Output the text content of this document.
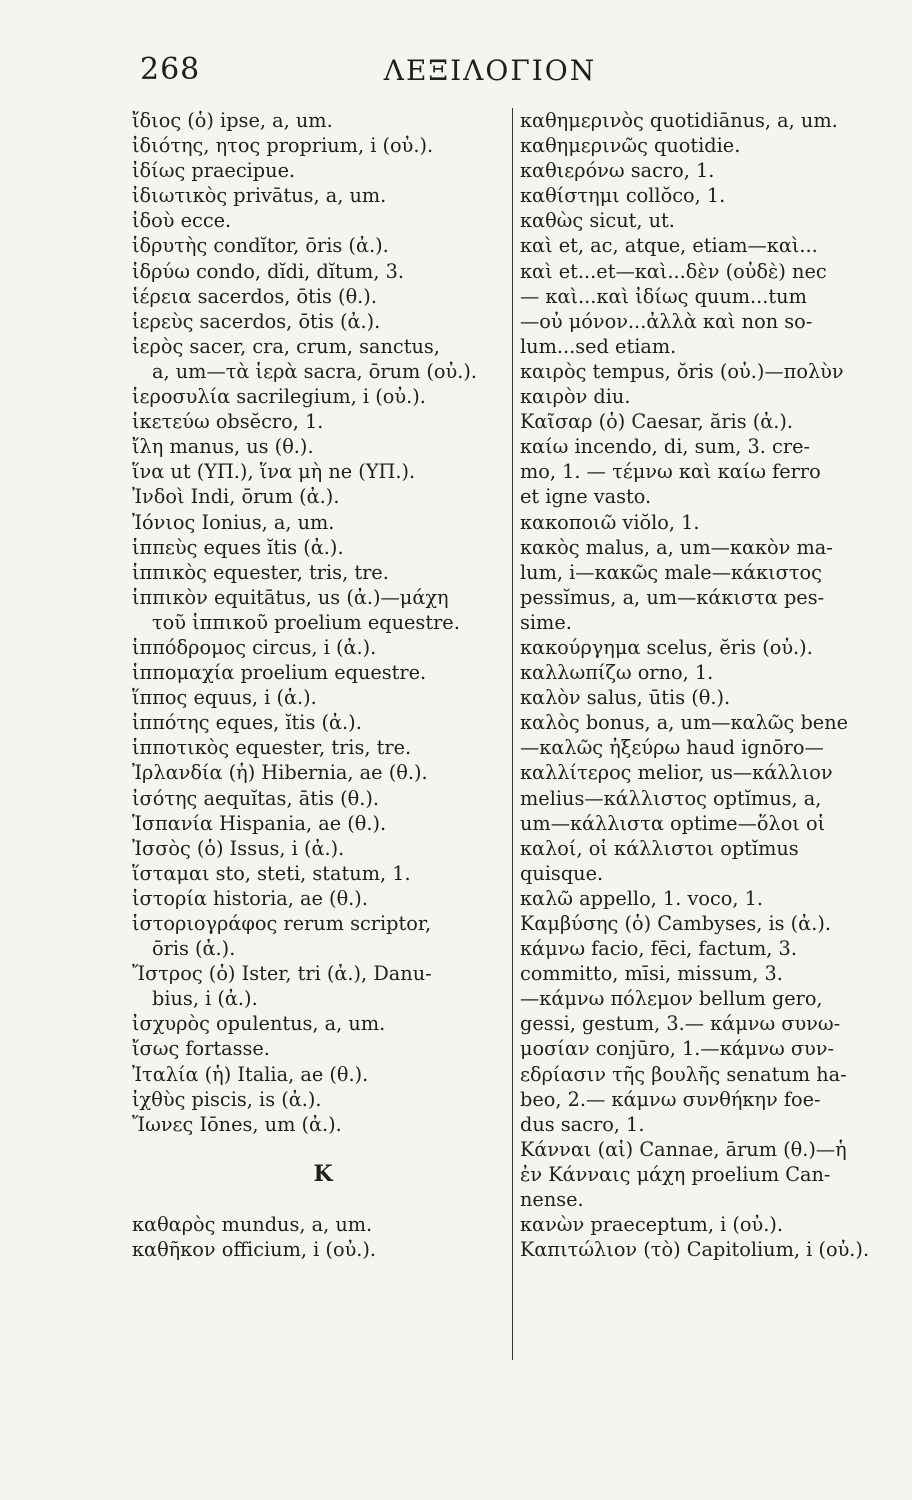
268	ΛΕΞΙΛΟΓΙΟΝ
ἴδιος (ὁ) ipse, a, um.
ἰδιότης, ητος proprium, i (οὐ.).
ἰδίως praecipue.
ἰδιωτικὸς privātus, a, um.
ἰδοὺ ecce.
ἱδρυτὴς condĭtor, ōris (ἀ.).
ἱδρύω condo, dĭdi, dĭtum, 3.
ἱέρεια sacerdos, ōtis (θ.).
ἱερεὺς sacerdos, ōtis (ἀ.).
ἱερὸς sacer, cra, crum, sanctus,
a, um—τὰ ἱερὰ sacra, ōrum (οὐ.).
ἱεροσυλία sacrilegium, i (οὐ.).
ἱκετεύω obsĕcro, 1.
ἴλη manus, us (θ.).
ἵνα ut (ΥΠ.), ἵνα μὴ ne (ΥΠ.).
Ἰνδοὶ Indi, ōrum (ἀ.).
Ἰόνιος Ionius, a, um.
ἱππεὺς eques ĭtis (ἀ.).
ἱππικὸς equester, tris, tre.
ἱππικὸν equitātus, us (ἀ.)—μάχη
τοῦ ἱππικοῦ proelium equestre.
ἱππόδρομος circus, i (ἀ.).
ἱππομαχία proelium equestre.
ἵππος equus, i (ἀ.).
ἱππότης eques, ĭtis (ἀ.).
ἱπποτικὸς equester, tris, tre.
Ἰρλανδία (ἡ) Hibernia, ae (θ.).
ἰσότης aequĭtas, ātis (θ.).
Ἱσπανία Hispania, ae (θ.).
Ἰσσὸς (ὁ) Issus, i (ἀ.).
ἵσταμαι sto, steti, statum, 1.
ἱστορία historia, ae (θ.).
ἱστοριογράφος rerum scriptor,
ōris (ἀ.).
Ἴστρος (ὁ) Ister, tri (ἀ.), Danu-
bius, i (ἀ.).
ἰσχυρὸς opulentus, a, um.
ἴσως fortasse.
Ἰταλία (ἡ) Italia, ae (θ.).
ἰχθὺς piscis, is (ἀ.).
Ἴωνες Iōnes, um (ἀ.).
Κ
καθαρὸς mundus, a, um.
καθῆκον officium, i (οὐ.).
καθημερινὸς quotidiānus, a, um.
καθημερινῶς quotidie.
καθιερόνω sacro, 1.
καθίστημι collŏco, 1.
καθὼς sicut, ut.
καὶ et, ac, atque, etiam—καὶ...
καὶ et...et—καὶ...δὲν (οὐδὲ) nec
— καὶ...καὶ ἰδίως quum...tum
—οὐ μόνον...ἀλλὰ καὶ non so-
lum...sed etiam.
καιρὸς tempus, ŏris (οὐ.)—πολὺν
καιρὸν diu.
Καῖσαρ (ὁ) Caesar, ăris (ἀ.).
καίω incendo, di, sum, 3. cre-
mo, 1. — τέμνω καὶ καίω ferro
et igne vasto.
κακοποιῶ viŏlo, 1.
κακὸς malus, a, um—κακὸν ma-
lum, i—κακῶς male—κάκιστος
pessĭmus, a, um—κάκιστα pes-
sime.
κακούργημα scelus, ĕris (οὐ.).
καλλωπίζω orno, 1.
καλὸν salus, ūtis (θ.).
καλὸς bonus, a, um—καλῶς bene
—καλῶς ἠξεύρω haud ignōro—
καλλίτερος melior, us—κάλλιον
melius—κάλλιστος optĭmus, a,
um—κάλλιστα optime—ὅλοι οἱ
καλοί, οἱ κάλλιστοι optĭmus
quisque.
καλῶ appello, 1. voco, 1.
Καμβύσης (ὁ) Cambyses, is (ἀ.).
κάμνω facio, fēci, factum, 3.
committo, mīsi, missum, 3.
—κάμνω πόλεμον bellum gero,
gessi, gestum, 3.— κάμνω συνω-
μοσίαν conjūro, 1.—κάμνω συν-
εδρίασιν τῆς βουλῆς senatum ha-
beo, 2.— κάμνω συνθήκην foe-
dus sacro, 1.
Κάνναι (αἱ) Cannae, ārum (θ.)—ἡ
ἐν Κάνναις μάχη proelium Can-
nense.
κανὼν praeceptum, i (οὐ.).
Καπιτώλιον (τὸ) Capitolium, i (οὐ.).
